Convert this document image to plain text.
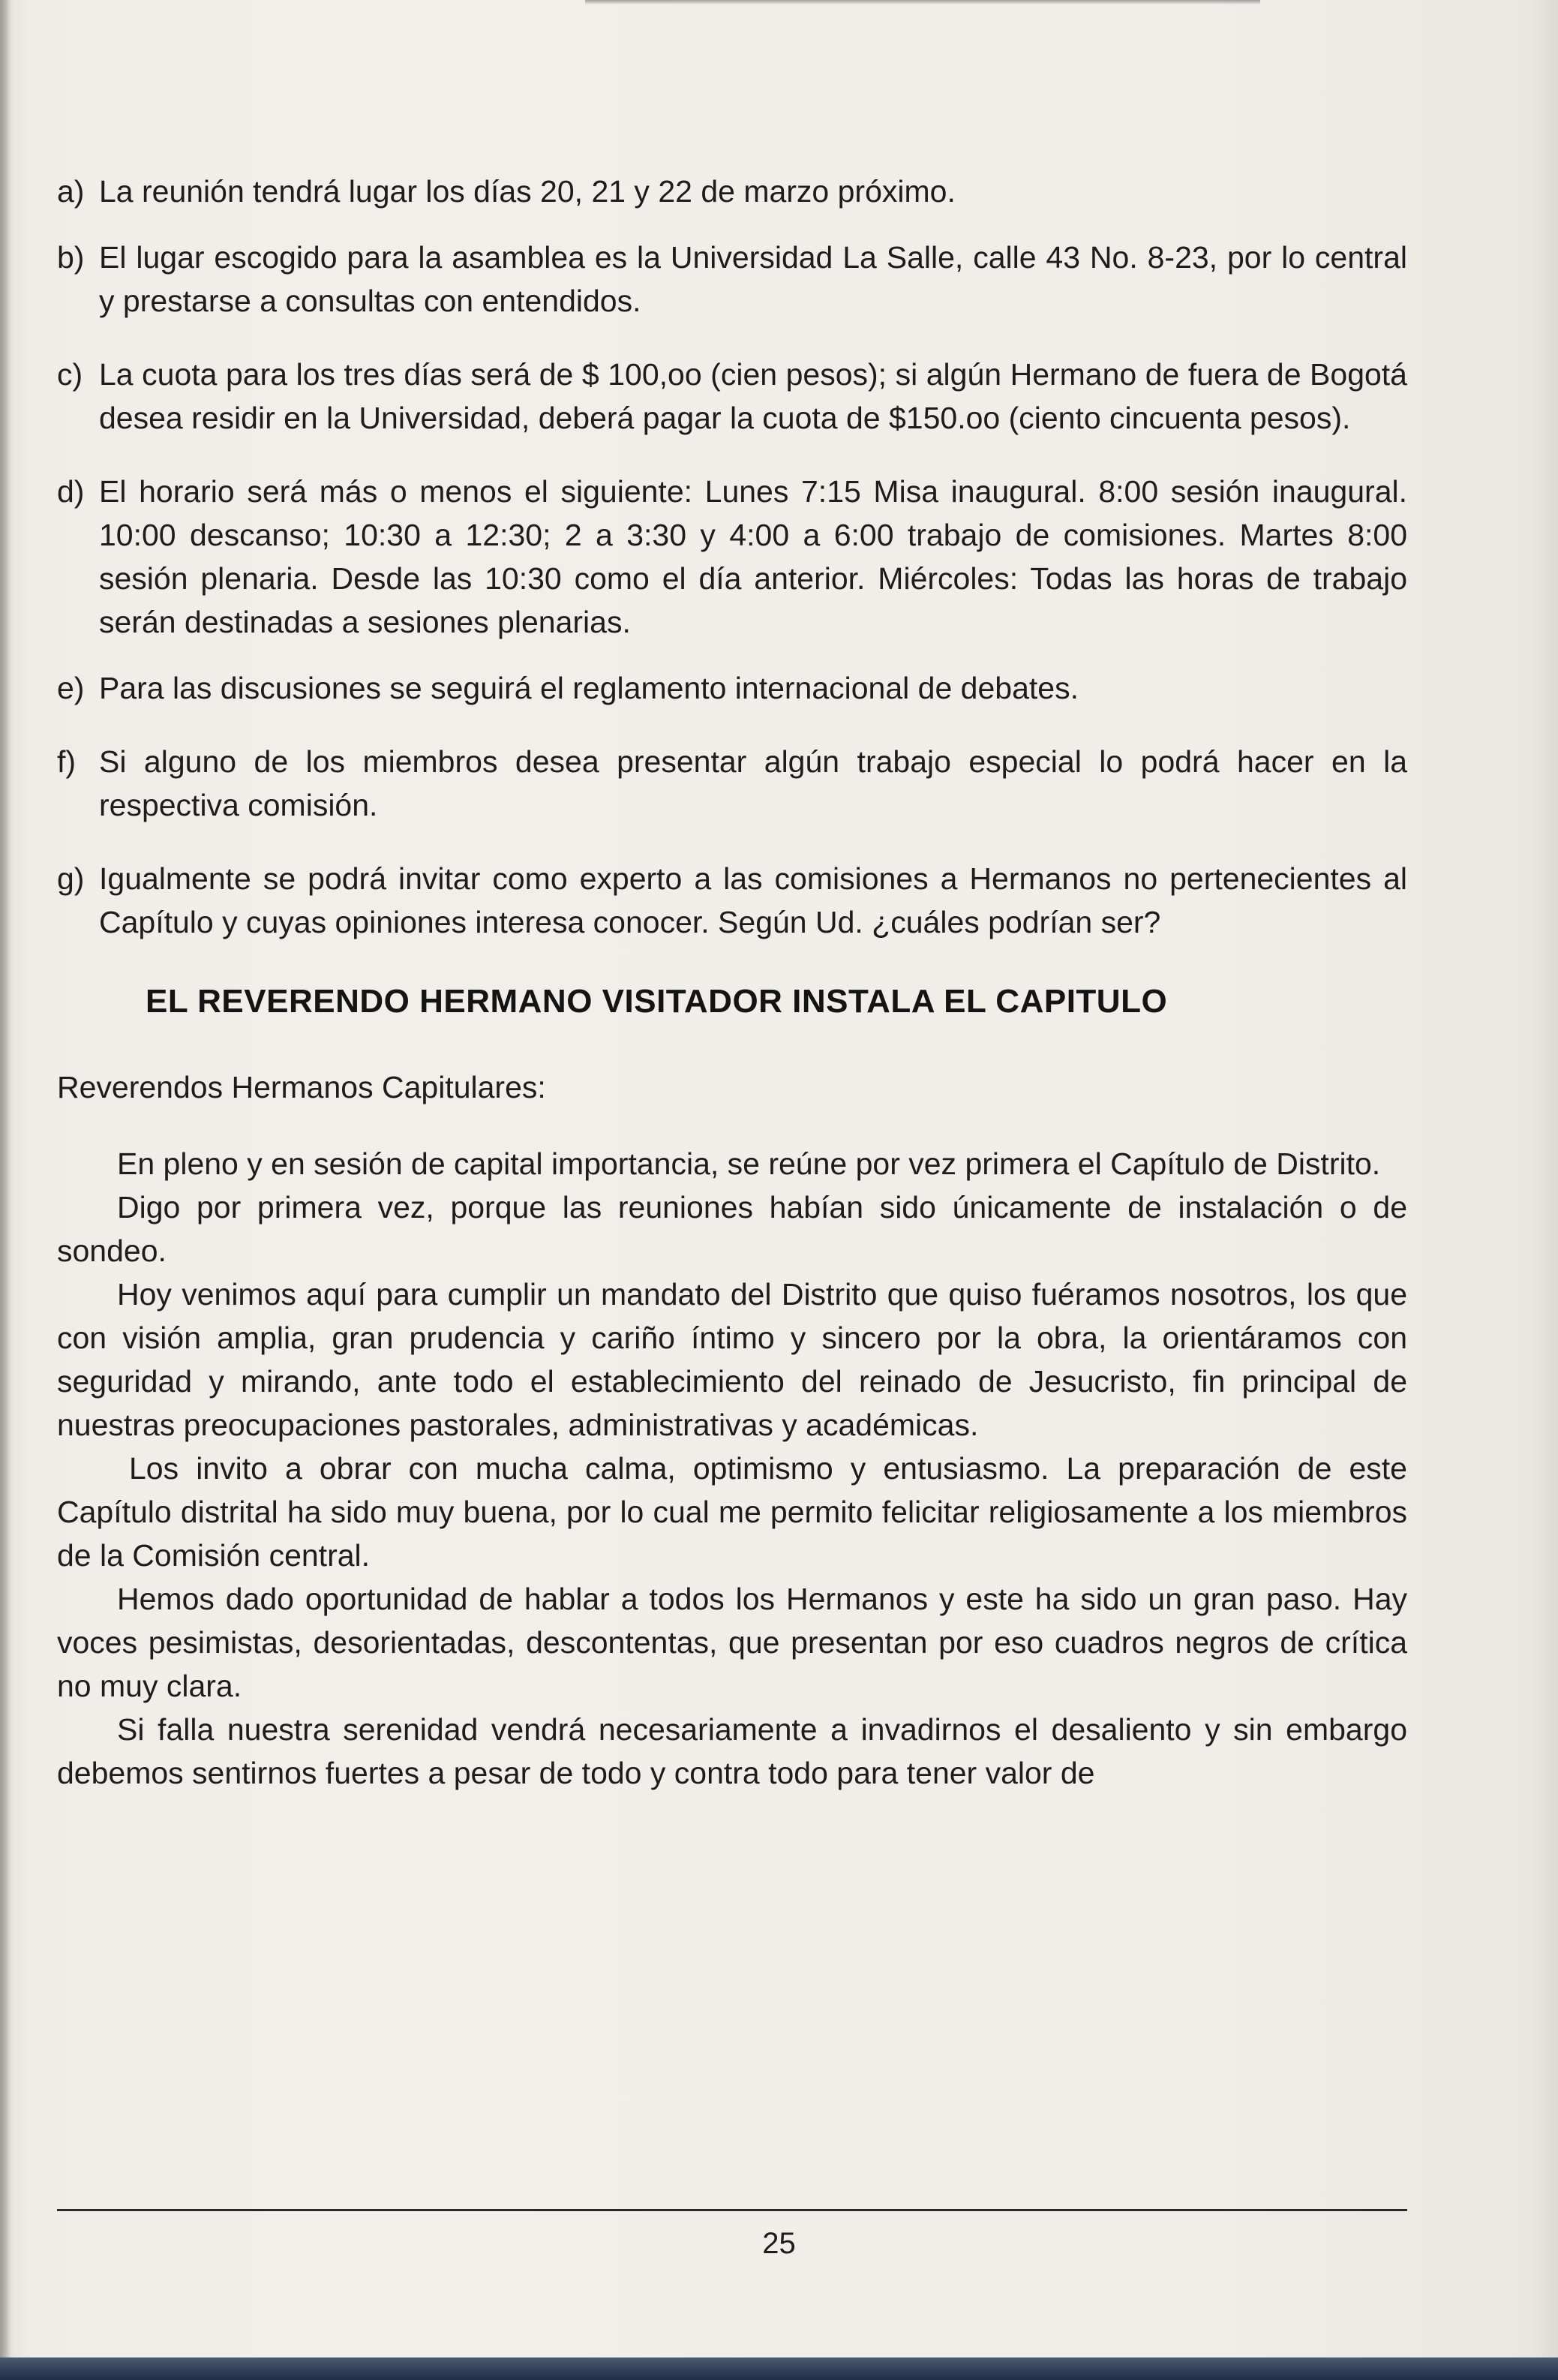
a) La reunión tendrá lugar los días 20, 21 y 22 de marzo próximo.
b) El lugar escogido para la asamblea es la Universidad La Salle, calle 43 No. 8-23, por lo central y prestarse a consultas con entendidos.
c) La cuota para los tres días será de $ 100,oo (cien pesos); si algún Hermano de fuera de Bogotá desea residir en la Universidad, deberá pagar la cuota de $150.oo (ciento cincuenta pesos).
d) El horario será más o menos el siguiente: Lunes 7:15 Misa inaugural. 8:00 sesión inaugural. 10:00 descanso; 10:30 a 12:30; 2 a 3:30 y 4:00 a 6:00 trabajo de comisiones. Martes 8:00 sesión plenaria. Desde las 10:30 como el día anterior. Miércoles: Todas las horas de trabajo serán destinadas a sesiones plenarias.
e) Para las discusiones se seguirá el reglamento internacional de debates.
f) Si alguno de los miembros desea presentar algún trabajo especial lo podrá hacer en la respectiva comisión.
g) Igualmente se podrá invitar como experto a las comisiones a Hermanos no pertenecientes al Capítulo y cuyas opiniones interesa conocer. Según Ud. ¿cuáles podrían ser?
EL REVERENDO HERMANO VISITADOR INSTALA EL CAPITULO
Reverendos Hermanos Capitulares:

En pleno y en sesión de capital importancia, se reúne por vez primera el Capítulo de Distrito.

Digo por primera vez, porque las reuniones habían sido únicamente de instalación o de sondeo.

Hoy venimos aquí para cumplir un mandato del Distrito que quiso fuéramos nosotros, los que con visión amplia, gran prudencia y cariño íntimo y sincero por la obra, la orientáramos con seguridad y mirando, ante todo el establecimiento del reinado de Jesucristo, fin principal de nuestras preocupaciones pastorales, administrativas y académicas.

Los invito a obrar con mucha calma, optimismo y entusiasmo. La preparación de este Capítulo distrital ha sido muy buena, por lo cual me permito felicitar religiosamente a los miembros de la Comisión central.

Hemos dado oportunidad de hablar a todos los Hermanos y este ha sido un gran paso. Hay voces pesimistas, desorientadas, descontentas, que presentan por eso cuadros negros de crítica no muy clara.

Si falla nuestra serenidad vendrá necesariamente a invadirnos el desaliento y sin embargo debemos sentirnos fuertes a pesar de todo y contra todo para tener valor de

25
